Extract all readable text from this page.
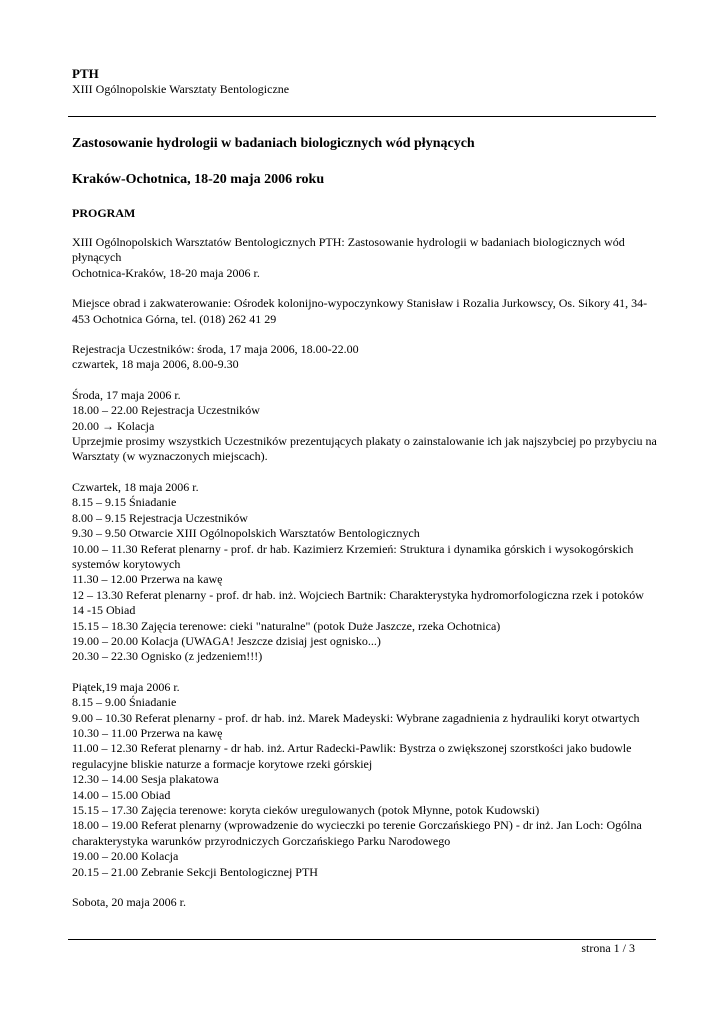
PTH
XIII Ogólnopolskie Warsztaty Bentologiczne
Zastosowanie hydrologii w badaniach biologicznych wód płynących
Kraków-Ochotnica, 18-20 maja 2006 roku
PROGRAM
XIII Ogólnopolskich Warsztatów Bentologicznych PTH: Zastosowanie hydrologii w badaniach biologicznych wód płynących
Ochotnica-Kraków, 18-20 maja 2006 r.
Miejsce obrad i zakwaterowanie: Ośrodek kolonijno-wypoczynkowy Stanisław i Rozalia Jurkowscy, Os. Sikory 41, 34-453 Ochotnica Górna, tel. (018) 262 41 29
Rejestracja Uczestników: środa, 17 maja 2006, 18.00-22.00
czwartek, 18 maja 2006, 8.00-9.30
Środa, 17 maja 2006 r.
18.00 – 22.00 Rejestracja Uczestników
20.00 → Kolacja
Uprzejmie prosimy wszystkich Uczestników prezentujących plakaty o zainstalowanie ich jak najszybciej po przybyciu na Warsztaty (w wyznaczonych miejscach).
Czwartek, 18 maja 2006 r.
8.15 – 9.15 Śniadanie
8.00 – 9.15 Rejestracja Uczestników
9.30 – 9.50 Otwarcie XIII Ogólnopolskich Warsztatów Bentologicznych
10.00 – 11.30 Referat plenarny - prof. dr hab. Kazimierz Krzemień: Struktura i dynamika górskich i wysokogórskich systemów korytowych
11.30 – 12.00 Przerwa na kawę
12 – 13.30 Referat plenarny - prof. dr hab. inż. Wojciech Bartnik: Charakterystyka hydromorfologiczna rzek i potoków
14 -15 Obiad
15.15 – 18.30 Zajęcia terenowe: cieki "naturalne" (potok Duże Jaszcze, rzeka Ochotnica)
19.00 – 20.00 Kolacja (UWAGA! Jeszcze dzisiaj jest ognisko...)
20.30 – 22.30 Ognisko (z jedzeniem!!!)
Piątek,19 maja 2006 r.
8.15 – 9.00 Śniadanie
9.00 – 10.30 Referat plenarny - prof. dr hab. inż. Marek Madeyski: Wybrane zagadnienia z hydrauliki koryt otwartych
10.30 – 11.00 Przerwa na kawę
11.00 – 12.30 Referat plenarny - dr hab. inż. Artur Radecki-Pawlik: Bystrza o zwiększonej szorstkości jako budowle regulacyjne bliskie naturze a formacje korytowe rzeki górskiej
12.30 – 14.00 Sesja plakatowa
14.00 – 15.00 Obiad
15.15 – 17.30 Zajęcia terenowe: koryta cieków uregulowanych (potok Młynne, potok Kudowski)
18.00 – 19.00 Referat plenarny (wprowadzenie do wycieczki po terenie Gorczańskiego PN) - dr inż. Jan Loch: Ogólna charakterystyka warunków przyrodniczych Gorczańskiego Parku Narodowego
19.00 – 20.00 Kolacja
20.15 – 21.00 Zebranie Sekcji Bentologicznej PTH
Sobota, 20 maja 2006 r.
strona 1 / 3
